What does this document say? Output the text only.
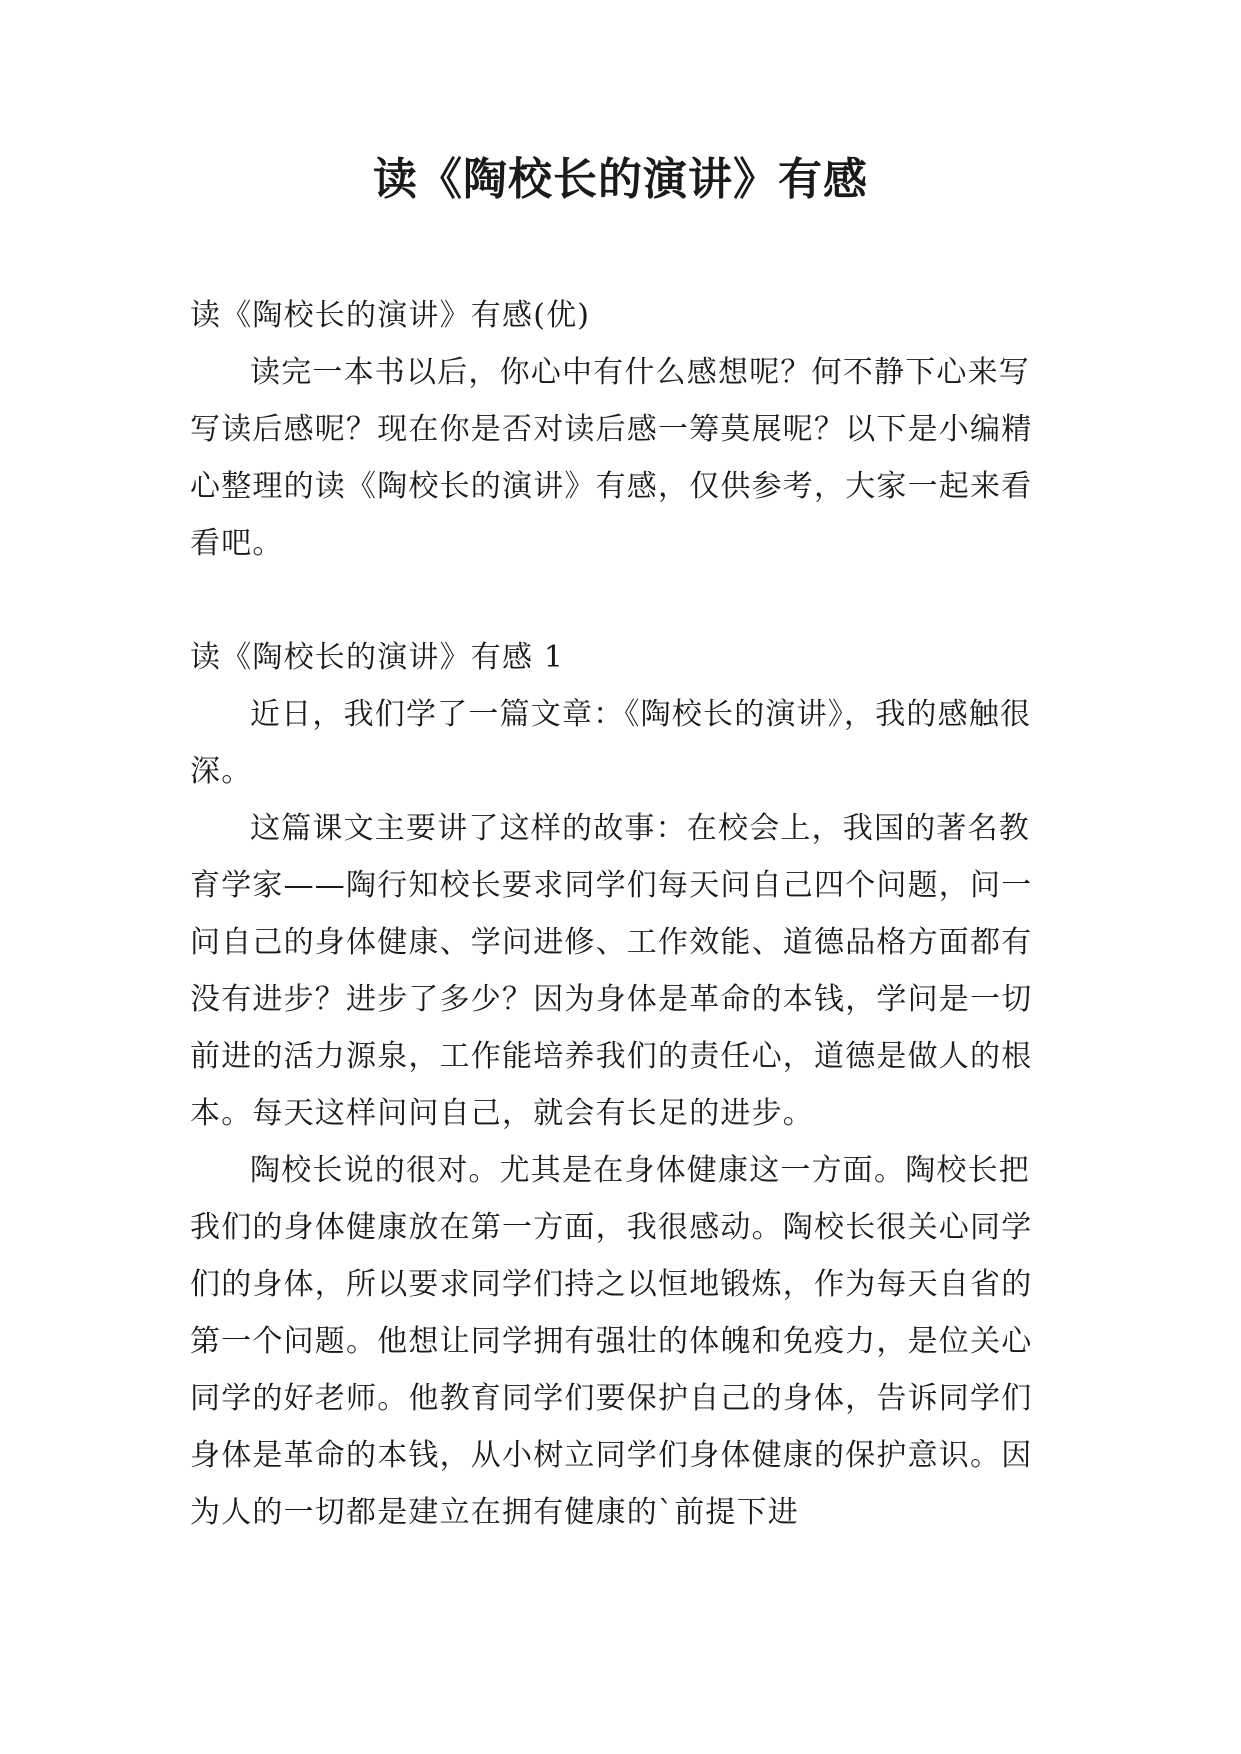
读《陶校长的演讲》有感

读《陶校长的演讲》有感(优)

读完一本书以后，你心中有什么感想呢？何不静下心来写写读后感呢？现在你是否对读后感一筹莫展呢？以下是小编精心整理的读《陶校长的演讲》有感，仅供参考，大家一起来看看吧。

读《陶校长的演讲》有感 1

近日，我们学了一篇文章：《陶校长的演讲》，我的感触很深。

这篇课文主要讲了这样的故事：在校会上，我国的著名教育学家——陶行知校长要求同学们每天问自己四个问题，问一问自己的身体健康、学问进修、工作效能、道德品格方面都有没有进步？进步了多少？因为身体是革命的本钱，学问是一切前进的活力源泉，工作能培养我们的责任心，道德是做人的根本。每天这样问问自己，就会有长足的进步。

陶校长说的很对。尤其是在身体健康这一方面。陶校长把我们的身体健康放在第一方面，我很感动。陶校长很关心同学们的身体，所以要求同学们持之以恒地锻炼，作为每天自省的第一个问题。他想让同学拥有强壮的体魄和免疫力，是位关心同学的好老师。他教育同学们要保护自己的身体，告诉同学们身体是革命的本钱，从小树立同学们身体健康的保护意识。因为人的一切都是建立在拥有健康的`前提下进
